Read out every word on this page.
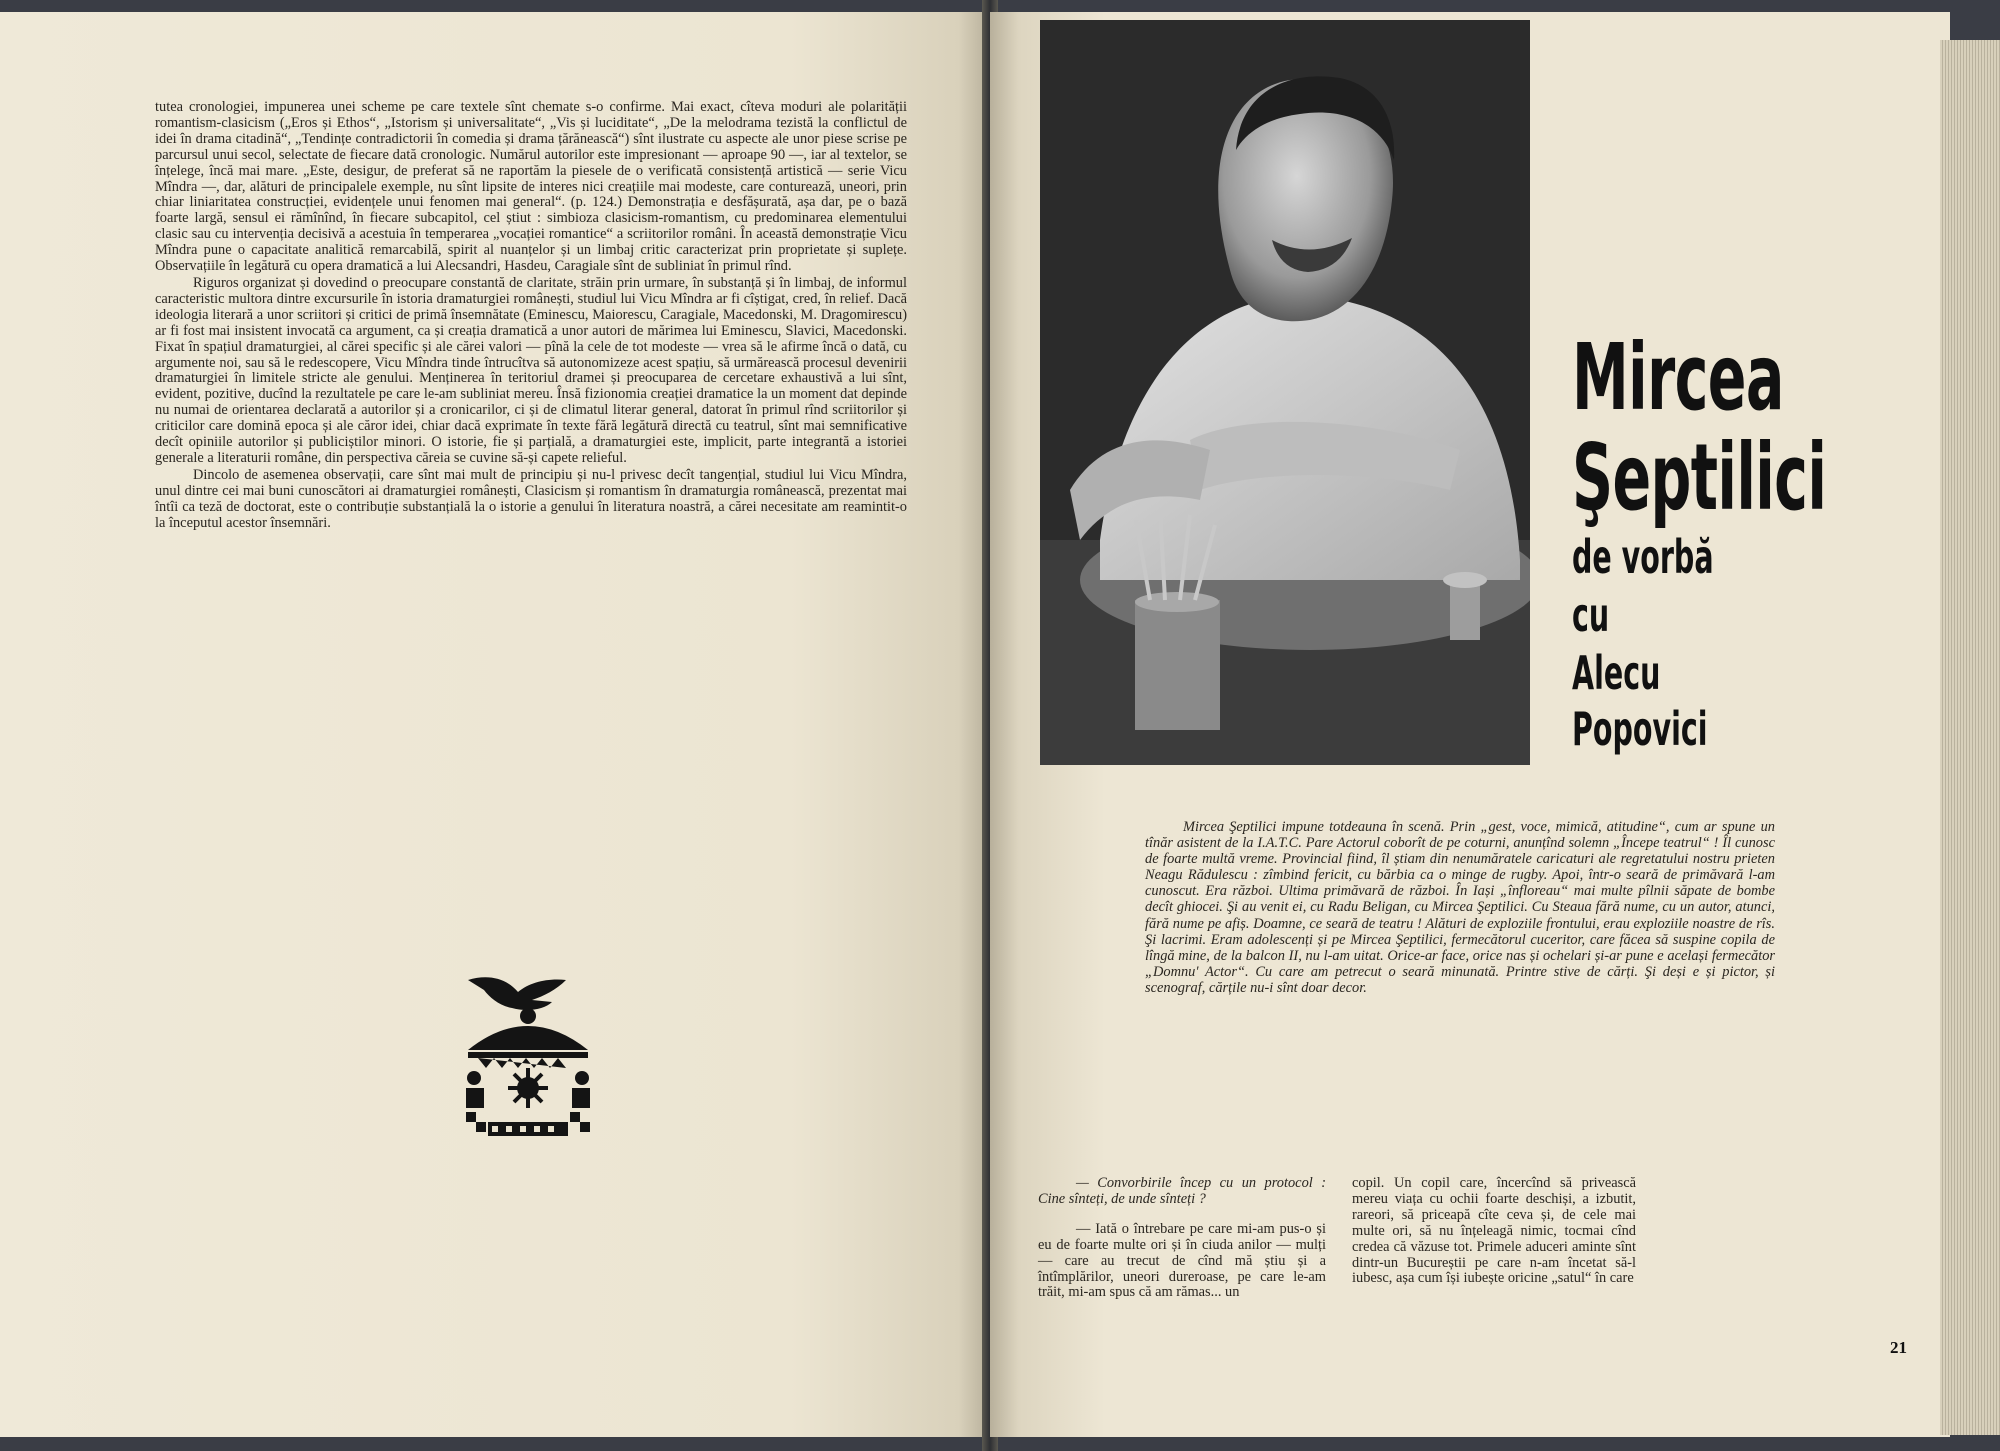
tutea cronologiei, impunerea unei scheme pe care textele sînt chemate s-o confirme. Mai exact, cîteva moduri ale polarității romantism-clasicism („Eros și Ethos“, „Istorism și universalitate“, „Vis și luciditate“, „De la melodrama tezistă la conflictul de idei în drama citadină“, „Tendințe contradictorii în comedia și drama țărănească“) sînt ilustrate cu aspecte ale unor piese scrise pe parcursul unui secol, selectate de fiecare dată cronologic. Numărul autorilor este impresionant — aproape 90 —, iar al textelor, se înțelege, încă mai mare. „Este, desigur, de preferat să ne raportăm la piesele de o verificată consistență artistică — serie Vicu Mîndra —, dar, alături de principalele exemple, nu sînt lipsite de interes nici creațiile mai modeste, care conturează, uneori, prin chiar liniaritatea construcției, evidențele unui fenomen mai general“. (p. 124.) Demonstrația e desfășurată, așa dar, pe o bază foarte largă, sensul ei rămînînd, în fiecare subcapitol, cel știut : simbioza clasicism-romantism, cu predominarea elementului clasic sau cu intervenția decisivă a acestuia în temperarea „vocației romantice“ a scriitorilor români. În această demonstrație Vicu Mîndra pune o capacitate analitică remarcabilă, spirit al nuanțelor și un limbaj critic caracterizat prin proprietate și suplețe. Observațiile în legătură cu opera dramatică a lui Alecsandri, Hasdeu, Caragiale sînt de subliniat în primul rînd.

Riguros organizat și dovedind o preocupare constantă de claritate, străin prin urmare, în substanță și în limbaj, de informul caracteristic multora dintre excursurile în istoria dramaturgiei românești, studiul lui Vicu Mîndra ar fi cîștigat, cred, în relief. Dacă ideologia literară a unor scriitori și critici de primă însemnătate (Eminescu, Maiorescu, Caragiale, Macedonski, M. Dragomirescu) ar fi fost mai insistent invocată ca argument, ca și creația dramatică a unor autori de mărimea lui Eminescu, Slavici, Macedonski. Fixat în spațiul dramaturgiei, al cărei specific și ale cărei valori — pînă la cele de tot modeste — vrea să le afirme încă o dată, cu argumente noi, sau să le redescopere, Vicu Mîndra tinde întrucîtva să autonomizeze acest spațiu, să urmărească procesul devenirii dramaturgiei în limitele stricte ale genului. Menținerea în teritoriul dramei și preocuparea de cercetare exhaustivă a lui sînt, evident, pozitive, ducînd la rezultatele pe care le-am subliniat mereu. Însă fizionomia creației dramatice la un moment dat depinde nu numai de orientarea declarată a autorilor și a cronicarilor, ci și de climatul literar general, datorat în primul rînd scriitorilor și criticilor care domină epoca și ale căror idei, chiar dacă exprimate în texte fără legătură directă cu teatrul, sînt mai semnificative decît opiniile autorilor și publiciștilor minori. O istorie, fie și parțială, a dramaturgiei este, implicit, parte integrantă a istoriei generale a literaturii române, din perspectiva căreia se cuvine să-și capete relieful.

Dincolo de asemenea observații, care sînt mai mult de principiu și nu-l privesc decît tangențial, studiul lui Vicu Mîndra, unul dintre cei mai buni cunoscători ai dramaturgiei românești, Clasicism și romantism în dramaturgia românească, prezentat mai întîi ca teză de doctorat, este o contribuție substanțială la o istorie a genului în literatura noastră, a cărei necesitate am reamintit-o la începutul acestor însemnări.

Mircea
Şeptilici
de vorbă
cu
Alecu
Popovici

Mircea Şeptilici impune totdeauna în scenă. Prin „gest, voce, mimică, atitudine“, cum ar spune un tînăr asistent de la I.A.T.C. Pare Actorul coborît de pe coturni, anunțînd solemn „Începe teatrul“ ! Îl cunosc de foarte multă vreme. Provincial fiind, îl știam din nenumăratele caricaturi ale regretatului nostru prieten Neagu Rădulescu : zîmbind fericit, cu bărbia ca o minge de rugby. Apoi, într-o seară de primăvară l-am cunoscut. Era război. Ultima primăvară de război. În Iași „înfloreau“ mai multe pîlnii săpate de bombe decît ghiocei. Şi au venit ei, cu Radu Beligan, cu Mircea Şeptilici. Cu Steaua fără nume, cu un autor, atunci, fără nume pe afiș. Doamne, ce seară de teatru ! Alături de exploziile frontului, erau exploziile noastre de rîs. Şi lacrimi. Eram adolescenți și pe Mircea Şeptilici, fermecătorul cuceritor, care făcea să suspine copila de lîngă mine, de la balcon II, nu l-am uitat. Orice-ar face, orice nas și ochelari și-ar pune e același fermecător „Domnu' Actor“. Cu care am petrecut o seară minunată. Printre stive de cărți. Şi deși e și pictor, și scenograf, cărțile nu-i sînt doar decor.

— Convorbirile încep cu un protocol : Cine sînteți, de unde sînteți ?

— Iată o întrebare pe care mi-am pus-o și eu de foarte multe ori și în ciuda anilor — mulți — care au trecut de cînd mă știu și a întîmplărilor, uneori dureroase, pe care le-am trăit, mi-am spus că am rămas... un

copil. Un copil care, încercînd să privească mereu viața cu ochii foarte deschiși, a izbutit, rareori, să priceapă cîte ceva și, de cele mai multe ori, să nu înțeleagă nimic, tocmai cînd credea că văzuse tot. Primele aduceri aminte sînt dintr-un Bucureștii pe care n-am încetat să-l iubesc, așa cum își iubește oricine „satul“ în care

21
